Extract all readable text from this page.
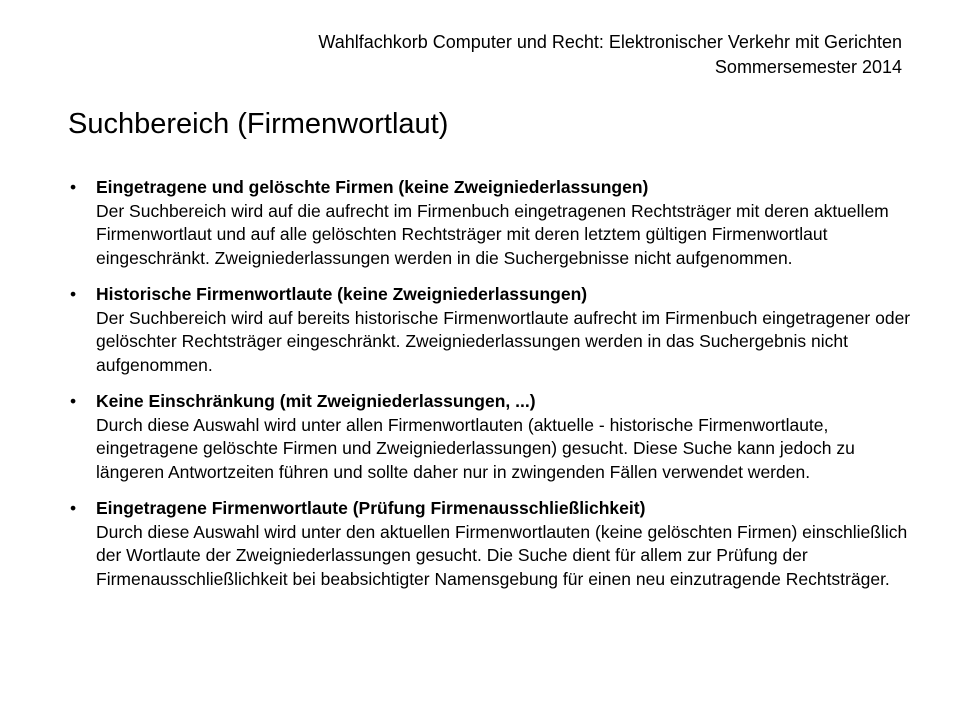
Wahlfachkorb Computer und Recht: Elektronischer Verkehr mit Gerichten
Sommersemester 2014
Suchbereich (Firmenwortlaut)
• Eingetragene und gelöschte Firmen (keine Zweigniederlassungen)
Der Suchbereich wird auf die aufrecht im Firmenbuch eingetragenen Rechtsträger mit deren aktuellem Firmenwortlaut und auf alle gelöschten Rechtsträger mit deren letztem gültigen Firmenwortlaut eingeschränkt. Zweigniederlassungen werden in die Suchergebnisse nicht aufgenommen.
• Historische Firmenwortlaute (keine Zweigniederlassungen)
Der Suchbereich wird auf bereits historische Firmenwortlaute aufrecht im Firmenbuch eingetragener oder gelöschter Rechtsträger eingeschränkt. Zweigniederlassungen werden in das Suchergebnis nicht aufgenommen.
• Keine Einschränkung (mit Zweigniederlassungen, ...)
Durch diese Auswahl wird unter allen Firmenwortlauten (aktuelle - historische Firmenwortlaute, eingetragene gelöschte Firmen und Zweigniederlassungen) gesucht. Diese Suche kann jedoch zu längeren Antwortzeiten führen und sollte daher nur in zwingenden Fällen verwendet werden.
• Eingetragene Firmenwortlaute (Prüfung Firmenausschließlichkeit)
Durch diese Auswahl wird unter den aktuellen Firmenwortlauten (keine gelöschten Firmen) einschließlich der Wortlaute der Zweigniederlassungen gesucht. Die Suche dient für allem zur Prüfung der Firmenausschließlichkeit bei beabsichtigter Namensgebung für einen neu einzutragende Rechtsträger.
